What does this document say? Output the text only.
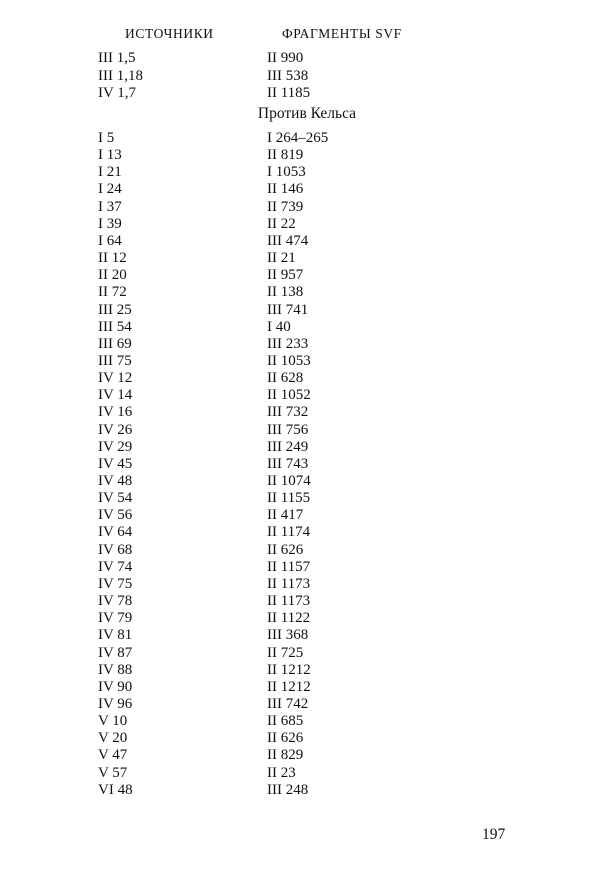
ИСТОЧНИКИ	ФРАГМЕНТЫ SVF
III 1,5	II 990
III 1,18	III 538
IV 1,7	II 1185
Против Кельса
I 5	I 264–265
I 13	II 819
I 21	I 1053
I 24	II 146
I 37	II 739
I 39	II 22
I 64	III 474
II 12	II 21
II 20	II 957
II 72	II 138
III 25	III 741
III 54	I 40
III 69	III 233
III 75	II 1053
IV 12	II 628
IV 14	II 1052
IV 16	III 732
IV 26	III 756
IV 29	III 249
IV 45	III 743
IV 48	II 1074
IV 54	II 1155
IV 56	II 417
IV 64	II 1174
IV 68	II 626
IV 74	II 1157
IV 75	II 1173
IV 78	II 1173
IV 79	II 1122
IV 81	III 368
IV 87	II 725
IV 88	II 1212
IV 90	II 1212
IV 96	III 742
V 10	II 685
V 20	II 626
V 47	II 829
V 57	II 23
VI 48	III 248
197
